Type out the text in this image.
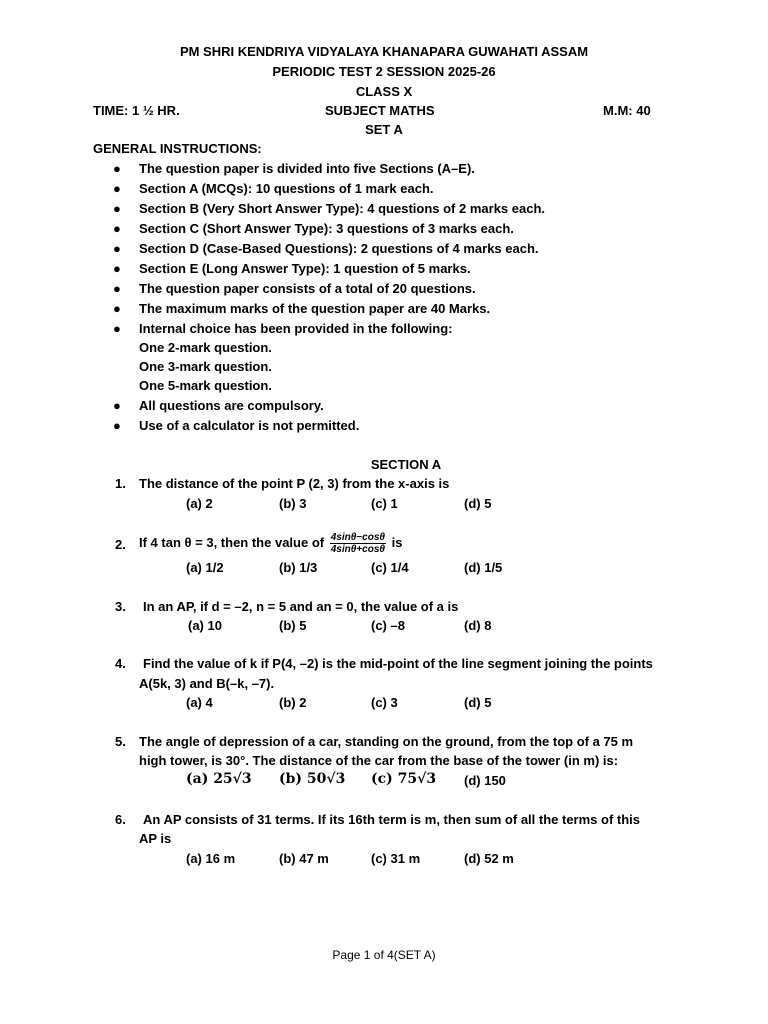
PM SHRI KENDRIYA VIDYALAYA KHANAPARA GUWAHATI ASSAM
PERIODIC TEST 2 SESSION 2025-26
CLASS X
TIME: 1 ½ HR.	SUBJECT MATHS	M.M: 40
SET A
GENERAL INSTRUCTIONS:
● The question paper is divided into five Sections (A–E).
● Section A (MCQs): 10 questions of 1 mark each.
● Section B (Very Short Answer Type): 4 questions of 2 marks each.
● Section C (Short Answer Type): 3 questions of 3 marks each.
● Section D (Case-Based Questions): 2 questions of 4 marks each.
● Section E (Long Answer Type): 1 question of 5 marks.
● The question paper consists of a total of 20 questions.
● The maximum marks of the question paper are 40 Marks.
● Internal choice has been provided in the following:
One 2-mark question.
One 3-mark question.
One 5-mark question.
● All questions are compulsory.
● Use of a calculator is not permitted.
SECTION A
1. The distance of the point P (2, 3) from the x-axis is
(a) 2	(b) 3	(c) 1	(d) 5
2. If 4 tan θ = 3, then the value of $\frac{4\sin\theta-\cos\theta}{4\sin\theta+\cos\theta}$ is
(a) 1/2	(b) 1/3	(c) 1/4	(d) 1/5
3. In an AP, if d = –2, n = 5 and an = 0, the value of a is
(a) 10	(b) 5	(c) –8	(d) 8
4. Find the value of k if P(4, –2) is the mid-point of the line segment joining the points
A(5k, 3) and B(–k, –7).
(a) 4	(b) 2	(c) 3	(d) 5
5. The angle of depression of a car, standing on the ground, from the top of a 75 m
high tower, is 30°. The distance of the car from the base of the tower (in m) is:
(a) 25√3 (b) 50√3 (c) 75√3 (d) 150
6. An AP consists of 31 terms. If its 16th term is m, then sum of all the terms of this
AP is
(a) 16 m	(b) 47 m	(c) 31 m	(d) 52 m
Page 1 of 4(SET A)
